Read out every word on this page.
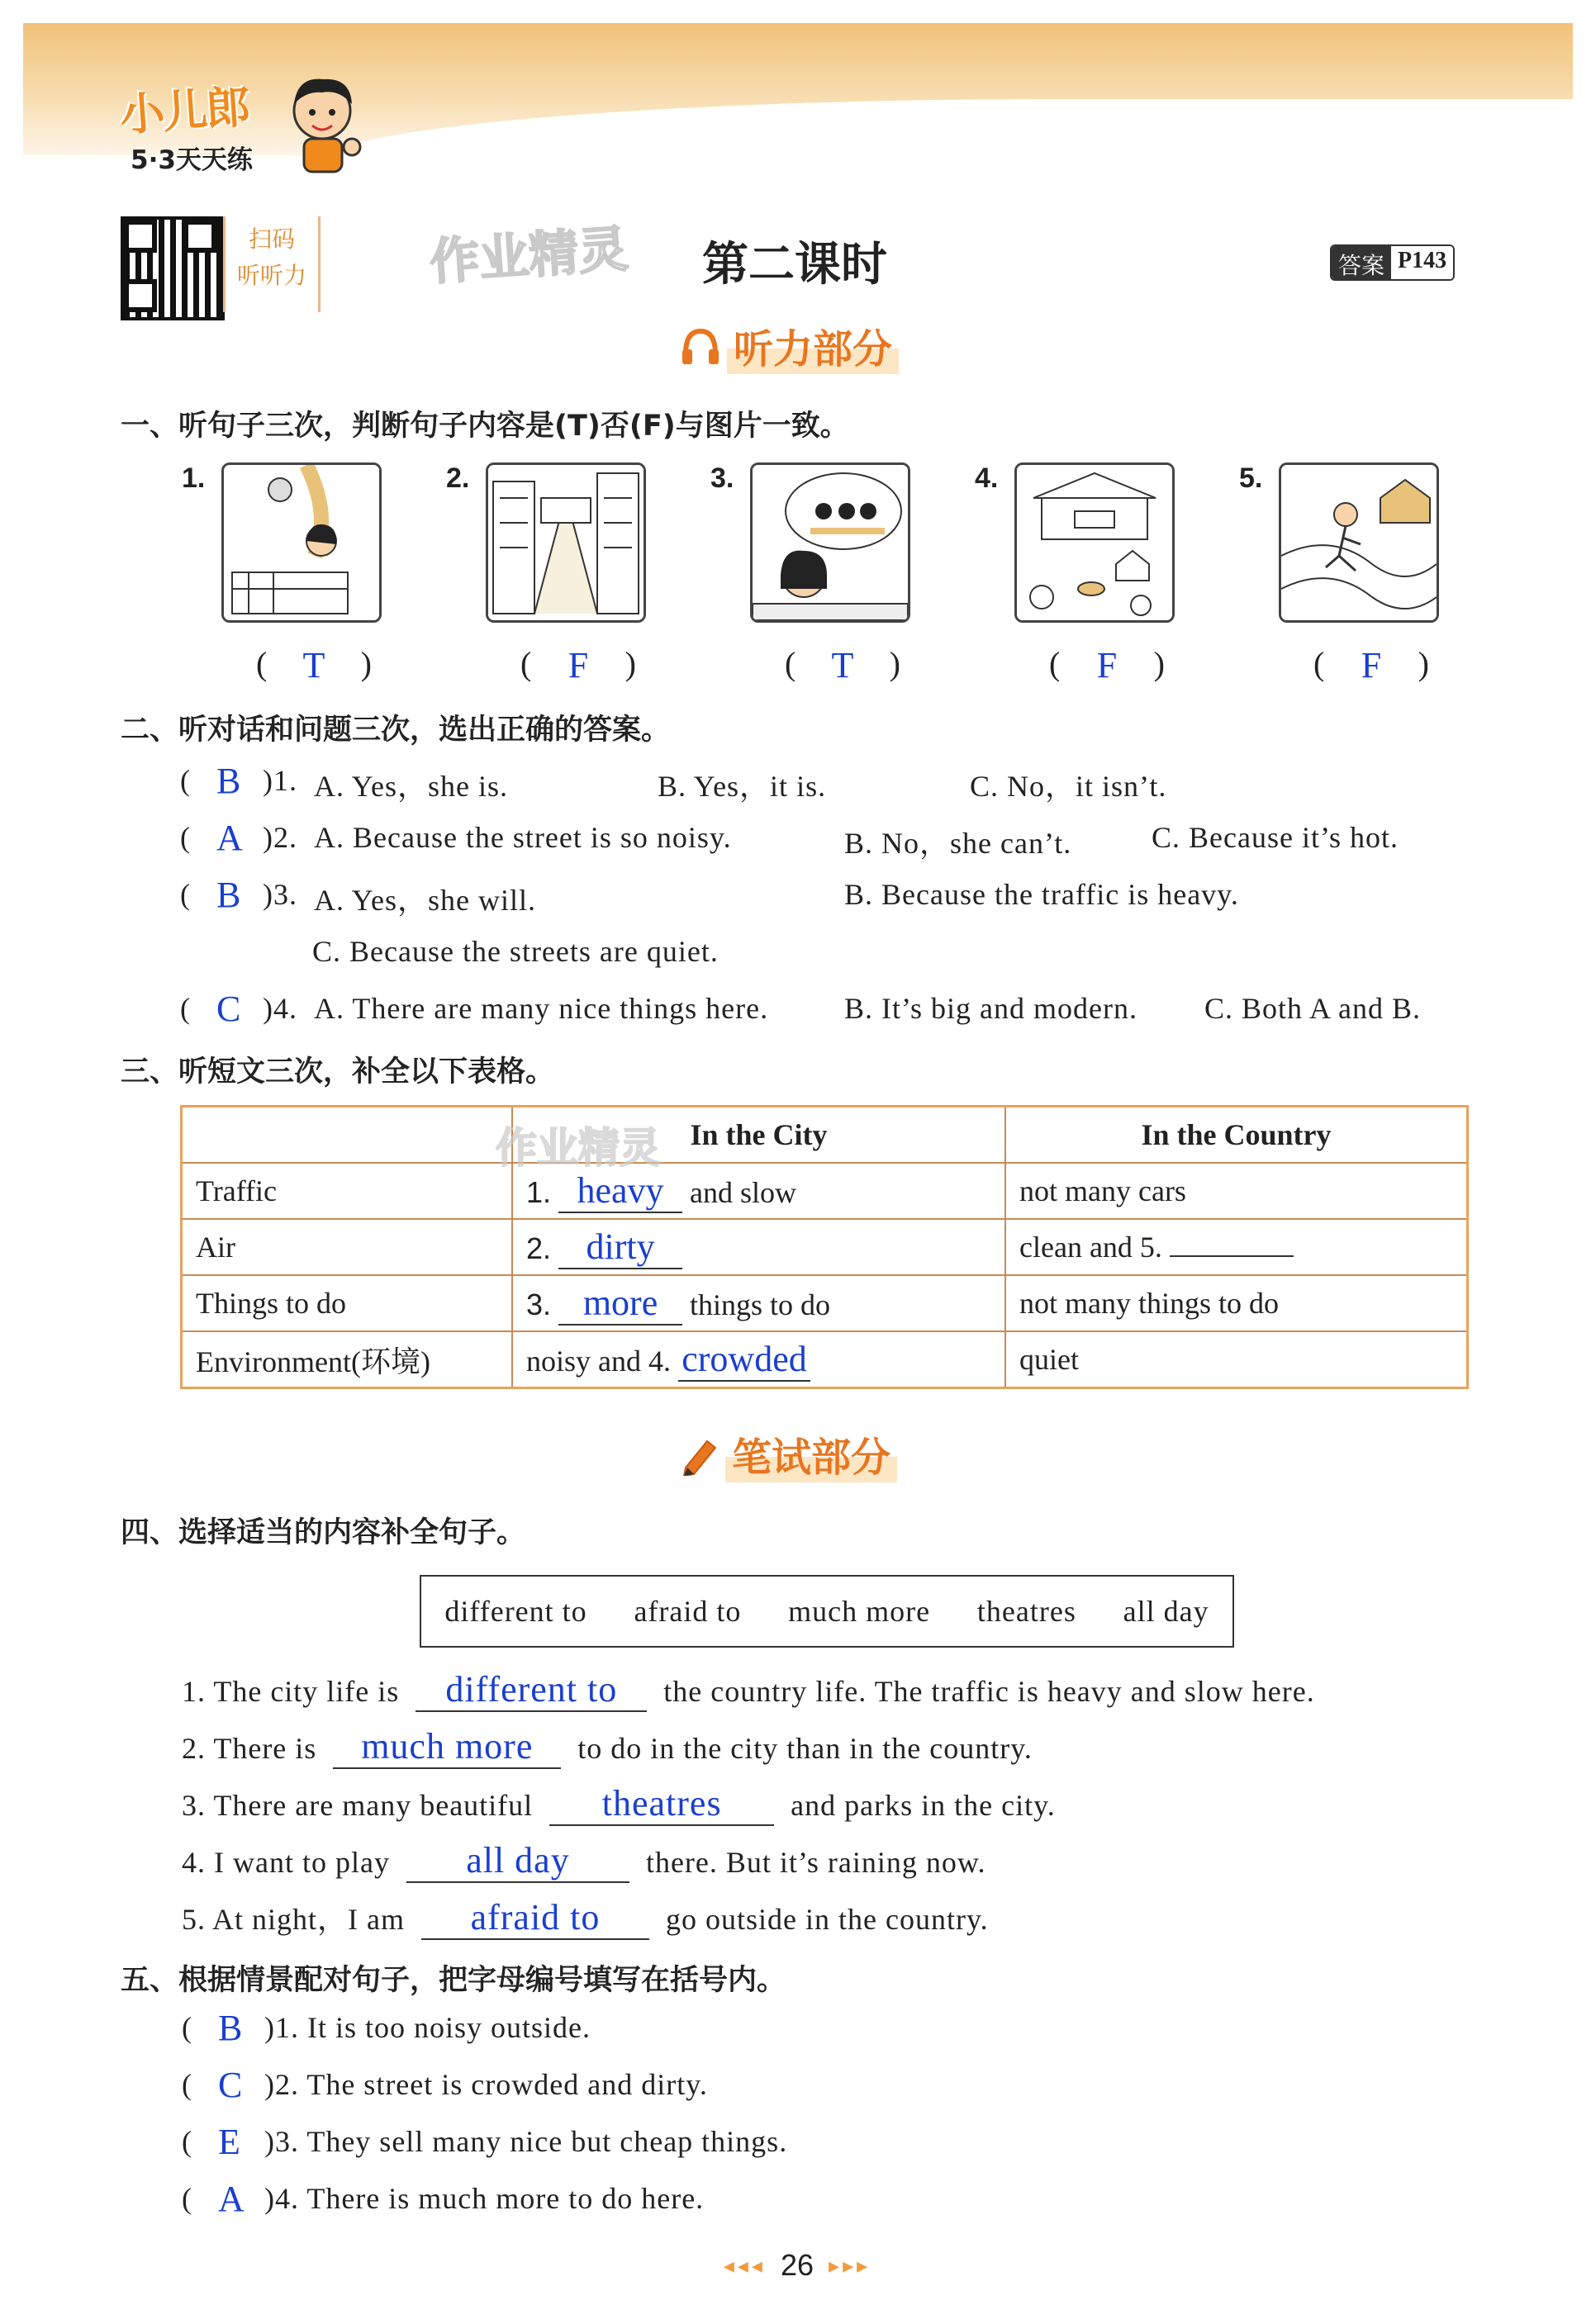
小儿郎
5·3天天练
扫码
听听力 作业精灵 第二课时	答案 P143
听力部分
一、听句子三次，判断句子内容是(T)否(F)与图片一致。
1.
( T )
2.
( F )
3.
( T )
4.
( F )
5.
( F )
二、听对话和问题三次，选出正确的答案。
( B )1. A. Yes，she is.	B. Yes，it is.	C. No，it isn’t.
( A )2. A. Because the street is so noisy.	B. No，she can’t.	C. Because it’s hot.
( B )3. A. Yes，she will.	B. Because the traffic is heavy.
C. Because the streets are quiet.
( C )4. A. There are many nice things here.	B. It’s big and modern. C. Both A and B.
三、听短文三次，补全以下表格。
	In the City	In the Country
Traffic	1. heavy and slow	not many cars
Air	2. dirty	clean and 5.
Things to do	3. more things to do	not many things to do
Environment(环境)	noisy and 4. crowded	quiet
作业精灵
笔试部分
四、选择适当的内容补全句子。
different to afraid to much more theatres all day
1. The city life is different to the country life. The traffic is heavy and slow here.
2. There is much more to do in the city than in the country.
3. There are many beautiful theatres and parks in the city.
4. I want to play all day	there. But it’s raining now.
5. At night，I am afraid to go outside in the country.
五、根据情景配对句子，把字母编号填写在括号内。
( B )1. It is too noisy outside.
( C )2. The street is crowded and dirty.
( E )3. They sell many nice but cheap things.
( A )4. There is much more to do here.
◂◂◂ 26 ▸▸▸
